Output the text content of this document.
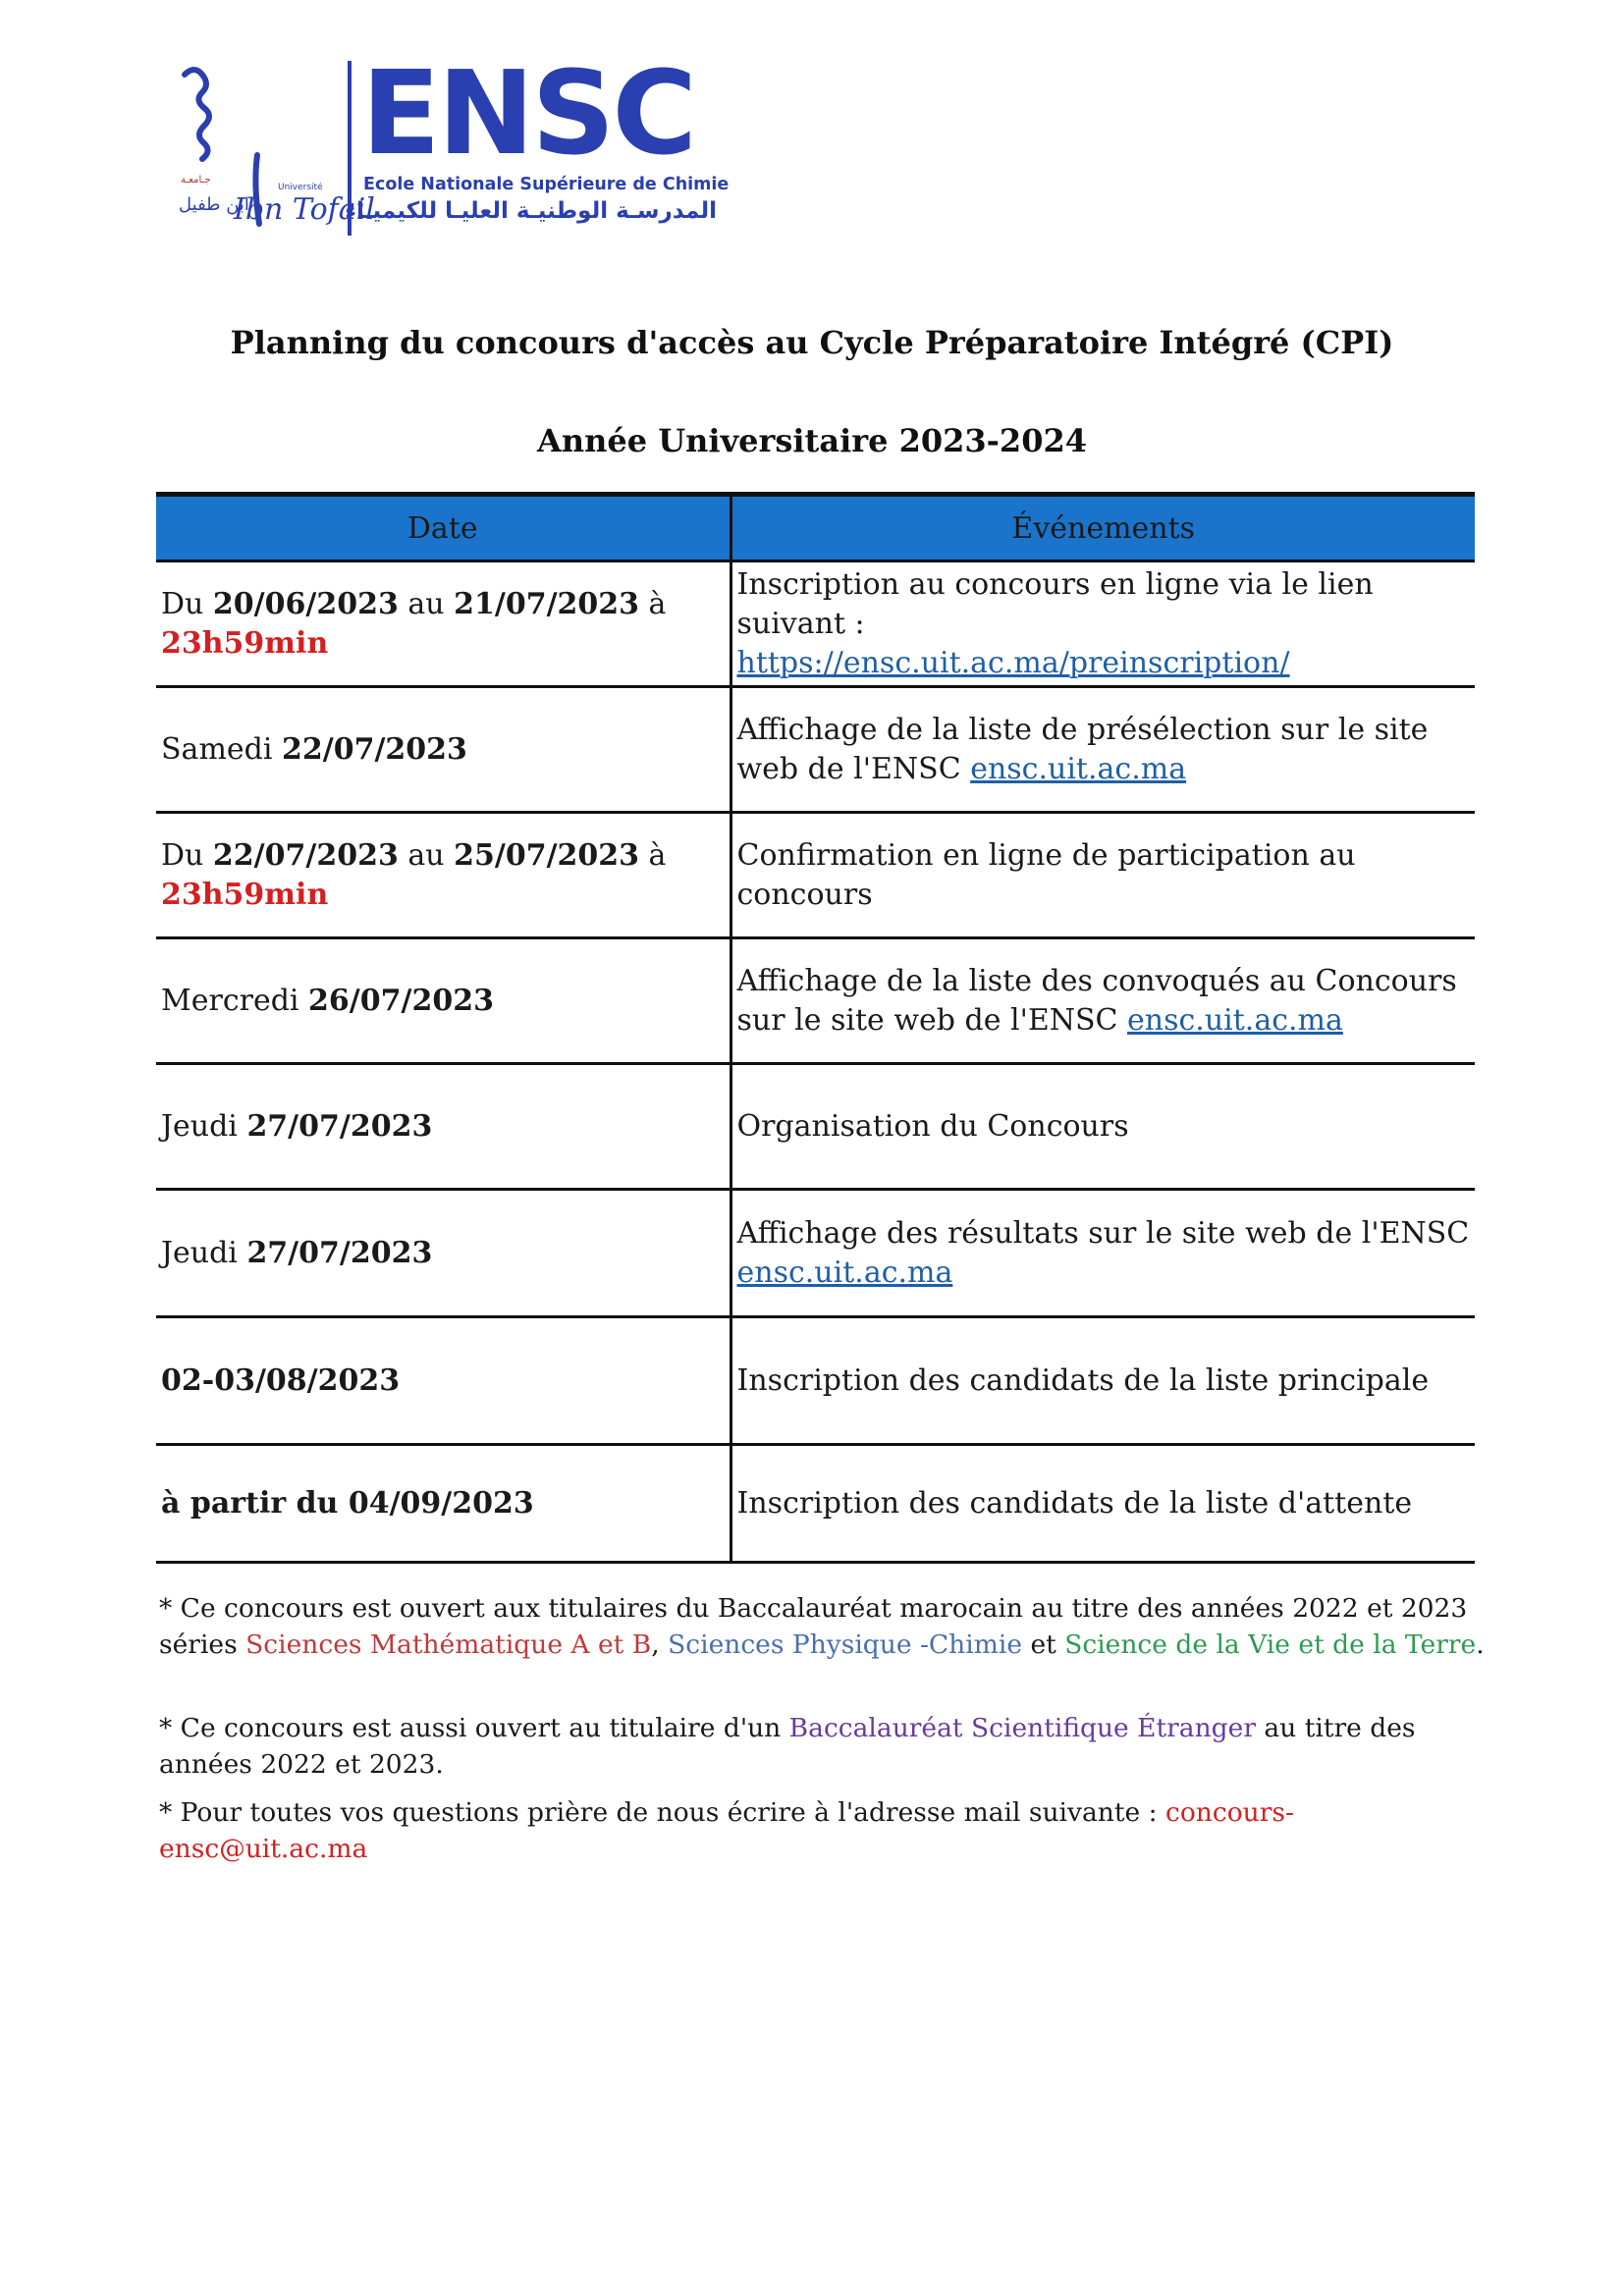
ENSC
Ecole Nationale Supérieure de Chimie
المدرسـة الوطنيـة العليـا للكيميـاء
جـامعـة
Université
ابن طفيل
Ibn Tofail
Planning du concours d'accès au Cycle Préparatoire Intégré (CPI)
Année Universitaire 2023-2024
Date	Événements
Du 20/06/2023 au 21/07/2023 à 23h59min	Inscription au concours en ligne via le lien suivant :
https://ensc.uit.ac.ma/preinscription/
Samedi 22/07/2023	Affichage de la liste de présélection sur le site web de l'ENSC ensc.uit.ac.ma
Du 22/07/2023 au 25/07/2023 à 23h59min	Confirmation en ligne de participation au concours
Mercredi 26/07/2023	Affichage de la liste des convoqués au Concours sur le site web de l'ENSC ensc.uit.ac.ma
Jeudi 27/07/2023	Organisation du Concours
Jeudi 27/07/2023	Affichage des résultats sur le site web de l'ENSC
ensc.uit.ac.ma
02-03/08/2023	Inscription des candidats de la liste principale
à partir du 04/09/2023	Inscription des candidats de la liste d'attente
* Ce concours est ouvert aux titulaires du Baccalauréat marocain au titre des années 2022 et 2023 séries Sciences Mathématique A et B, Sciences Physique -Chimie et Science de la Vie et de la Terre.
* Ce concours est aussi ouvert au titulaire d'un Baccalauréat Scientifique Étranger au titre des années 2022 et 2023.
* Pour toutes vos questions prière de nous écrire à l'adresse mail suivante : concours-ensc@uit.ac.ma
